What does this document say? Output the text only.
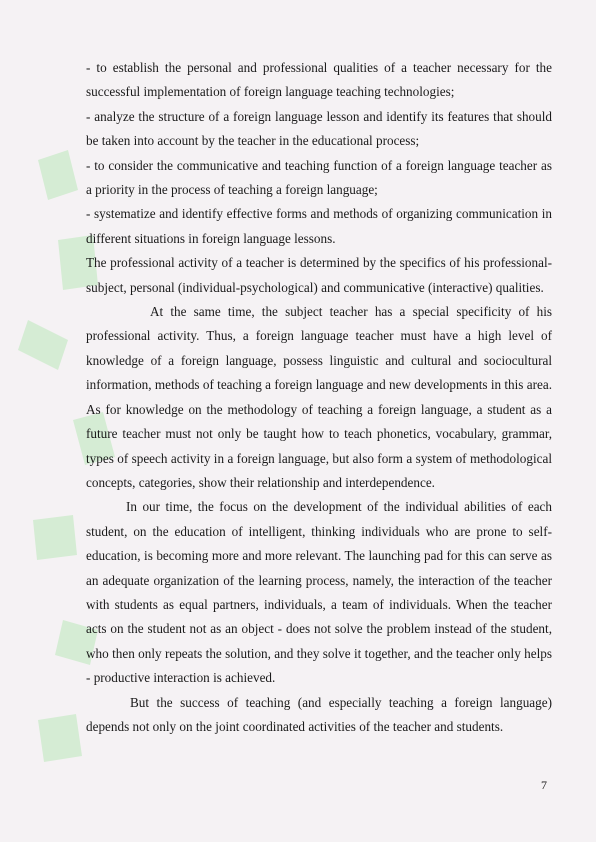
- to establish the personal and professional qualities of a teacher necessary for the successful implementation of foreign language teaching technologies;

- analyze the structure of a foreign language lesson and identify its features that should be taken into account by the teacher in the educational process;

- to consider the communicative and teaching function of a foreign language teacher as a priority in the process of teaching a foreign language;

- systematize and identify effective forms and methods of organizing communication in different situations in foreign language lessons.

The professional activity of a teacher is determined by the specifics of his professional-subject, personal (individual-psychological) and communicative (interactive) qualities.

At the same time, the subject teacher has a special specificity of his professional activity. Thus, a foreign language teacher must have a high level of knowledge of a foreign language, possess linguistic and cultural and sociocultural information, methods of teaching a foreign language and new developments in this area. As for knowledge on the methodology of teaching a foreign language, a student as a future teacher must not only be taught how to teach phonetics, vocabulary, grammar, types of speech activity in a foreign language, but also form a system of methodological concepts, categories, show their relationship and interdependence.

In our time, the focus on the development of the individual abilities of each student, on the education of intelligent, thinking individuals who are prone to self-education, is becoming more and more relevant. The launching pad for this can serve as an adequate organization of the learning process, namely, the interaction of the teacher with students as equal partners, individuals, a team of individuals. When the teacher acts on the student not as an object - does not solve the problem instead of the student, who then only repeats the solution, and they solve it together, and the teacher only helps - productive interaction is achieved.

But the success of teaching (and especially teaching a foreign language) depends not only on the joint coordinated activities of the teacher and students.

7
